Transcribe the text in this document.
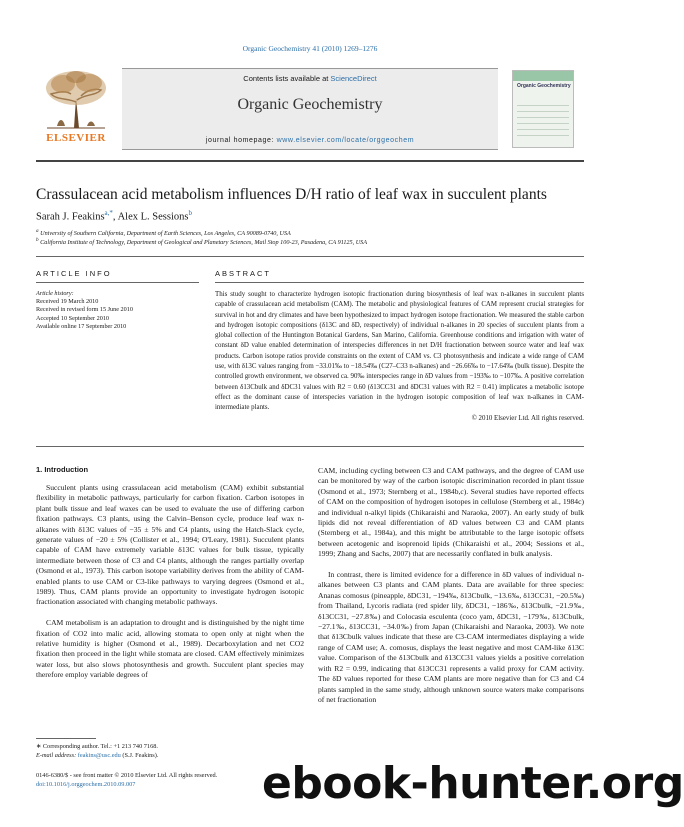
Organic Geochemistry 41 (2010) 1269–1276
ELSEVIER
Contents lists available at ScienceDirect
Organic Geochemistry
journal homepage: www.elsevier.com/locate/orggeochem
Organic Geochemistry
Crassulacean acid metabolism influences D/H ratio of leaf wax in succulent plants
Sarah J. Feakins$^{a,*}$, Alex L. Sessions$^b$
$^a$ University of Southern California, Department of Earth Sciences, Los Angeles, CA 90089-0740, USA
$^b$ California Institute of Technology, Department of Geological and Planetary Sciences, Mail Stop 100-23, Pasadena, CA 91125, USA
ARTICLE INFO
Article history:
Received 19 March 2010
Received in revised form 15 June 2010
Accepted 10 September 2010
Available online 17 September 2010
ABSTRACT
This study sought to characterize hydrogen isotopic fractionation during biosynthesis of leaf wax n-alkanes in succulent plants capable of crassulacean acid metabolism (CAM). The metabolic and physiological features of CAM represent crucial strategies for survival in hot and dry climates and have been hypothesized to impact hydrogen isotope fractionation. We measured the stable carbon and hydrogen isotopic compositions (δ13C and δD, respectively) of individual n-alkanes in 20 species of succulent plants from a global collection of the Huntington Botanical Gardens, San Marino, California. Greenhouse conditions and irrigation with water of constant δD value enabled determination of interspecies differences in net D/H fractionation between source water and leaf wax products. Carbon isotope ratios provide constraints on the extent of CAM vs. C3 photosynthesis and indicate a wide range of CAM use, with δ13C values ranging from −33.01‰ to −18.54‰ (C27–C33 n-alkanes) and −26.66‰ to −17.64‰ (bulk tissue). Despite the controlled growth environment, we observed ca. 90‰ interspecies range in δD values from −193‰ to −107‰. A positive correlation between δ13Cbulk and δDC31 values with R2 = 0.60 (δ13CC31 and δDC31 values with R2 = 0.41) implicates a metabolic isotope effect as the dominant cause of interspecies variation in the hydrogen isotopic composition of leaf wax n-alkanes in CAM-intermediate plants.
© 2010 Elsevier Ltd. All rights reserved.
1. Introduction

Succulent plants using crassulacean acid metabolism (CAM) exhibit substantial flexibility in metabolic pathways, particularly for carbon fixation. Carbon isotopes in plant bulk tissue and leaf waxes can be used to evaluate the use of differing carbon fixation pathways. C3 plants, using the Calvin–Benson cycle, produce leaf wax n-alkanes with δ13C values of −35 ± 5% and C4 plants, using the Hatch-Slack cycle, generate values of −20 ± 5% (Collister et al., 1994; O'Leary, 1981). Succulent plants capable of CAM have extremely variable δ13C values for bulk tissue, typically intermediate between those of C3 and C4 plants, although the ranges partially overlap (Osmond et al., 1973). This carbon isotope variability derives from the ability of CAM-enabled plants to use CAM or C3-like pathways to varying degrees (Osmond et al., 1989). Thus, CAM plants provide an opportunity to investigate hydrogen isotopic fractionation associated with changing metabolic pathways.

CAM metabolism is an adaptation to drought and is distinguished by the night time fixation of CO2 into malic acid, allowing stomata to open only at night when the relative humidity is higher (Osmond et al., 1989). Decarboxylation and net CO2 fixation then proceed in the light while stomata are closed. CAM effectively minimizes water loss, but also slows photosynthesis and growth. Succulent plant species may therefore employ variable degrees of

CAM, including cycling between C3 and CAM pathways, and the degree of CAM use can be monitored by way of the carbon isotopic discrimination recorded in plant tissue (Osmond et al., 1973; Sternberg et al., 1984b,c). Several studies have reported effects of CAM on the composition of hydrogen isotopes in cellulose (Sternberg et al., 1984c) and individual n-alkyl lipids (Chikaraishi and Naraoka, 2007). An early study of bulk lipids did not reveal differentiation of δD values between C3 and CAM plants (Sternberg et al., 1984a), and this might be attributable to the large isotopic offsets between acetogenic and isoprenoid lipids (Chikaraishi et al., 2004; Sessions et al., 1999; Zhang and Sachs, 2007) that are necessarily conflated in bulk analysis.

In contrast, there is limited evidence for a difference in δD values of individual n-alkanes between C3 plants and CAM plants. Data are available for three species: Ananas comosus (pineapple, δDC31, −194‰, δ13Cbulk, −13.6‰, δ13CC31, −20.5‰) from Thailand, Lycoris radiata (red spider lily, δDC31, −186‰, δ13Cbulk, −21.9‰, δ13CC31, −27.8‰) and Colocasia esculenta (coco yam, δDC31, −179‰, δ13Cbulk, −27.1‰, δ13CC31, −34.0‰) from Japan (Chikaraishi and Naraoka, 2003). We note that δ13Cbulk values indicate that these are C3-CAM intermediates displaying a wide range of CAM use; A. comosus, displays the least negative and most CAM-like δ13C value. Comparison of the δ13Cbulk and δ13CC31 values yields a positive correlation with R2 = 0.99, indicating that δ13CC31 represents a valid proxy for CAM activity. The δD values reported for these CAM plants are more negative than for C3 and C4 plants sampled in the same study, although unknown source waters make comparisons of net fractionation

∗ Corresponding author. Tel.: +1 213 740 7168.
E-mail address: feakins@usc.edu (S.J. Feakins).
0146-6380/$ - see front matter © 2010 Elsevier Ltd. All rights reserved.
doi:10.1016/j.orggeochem.2010.09.007	ebook-hunter.org
